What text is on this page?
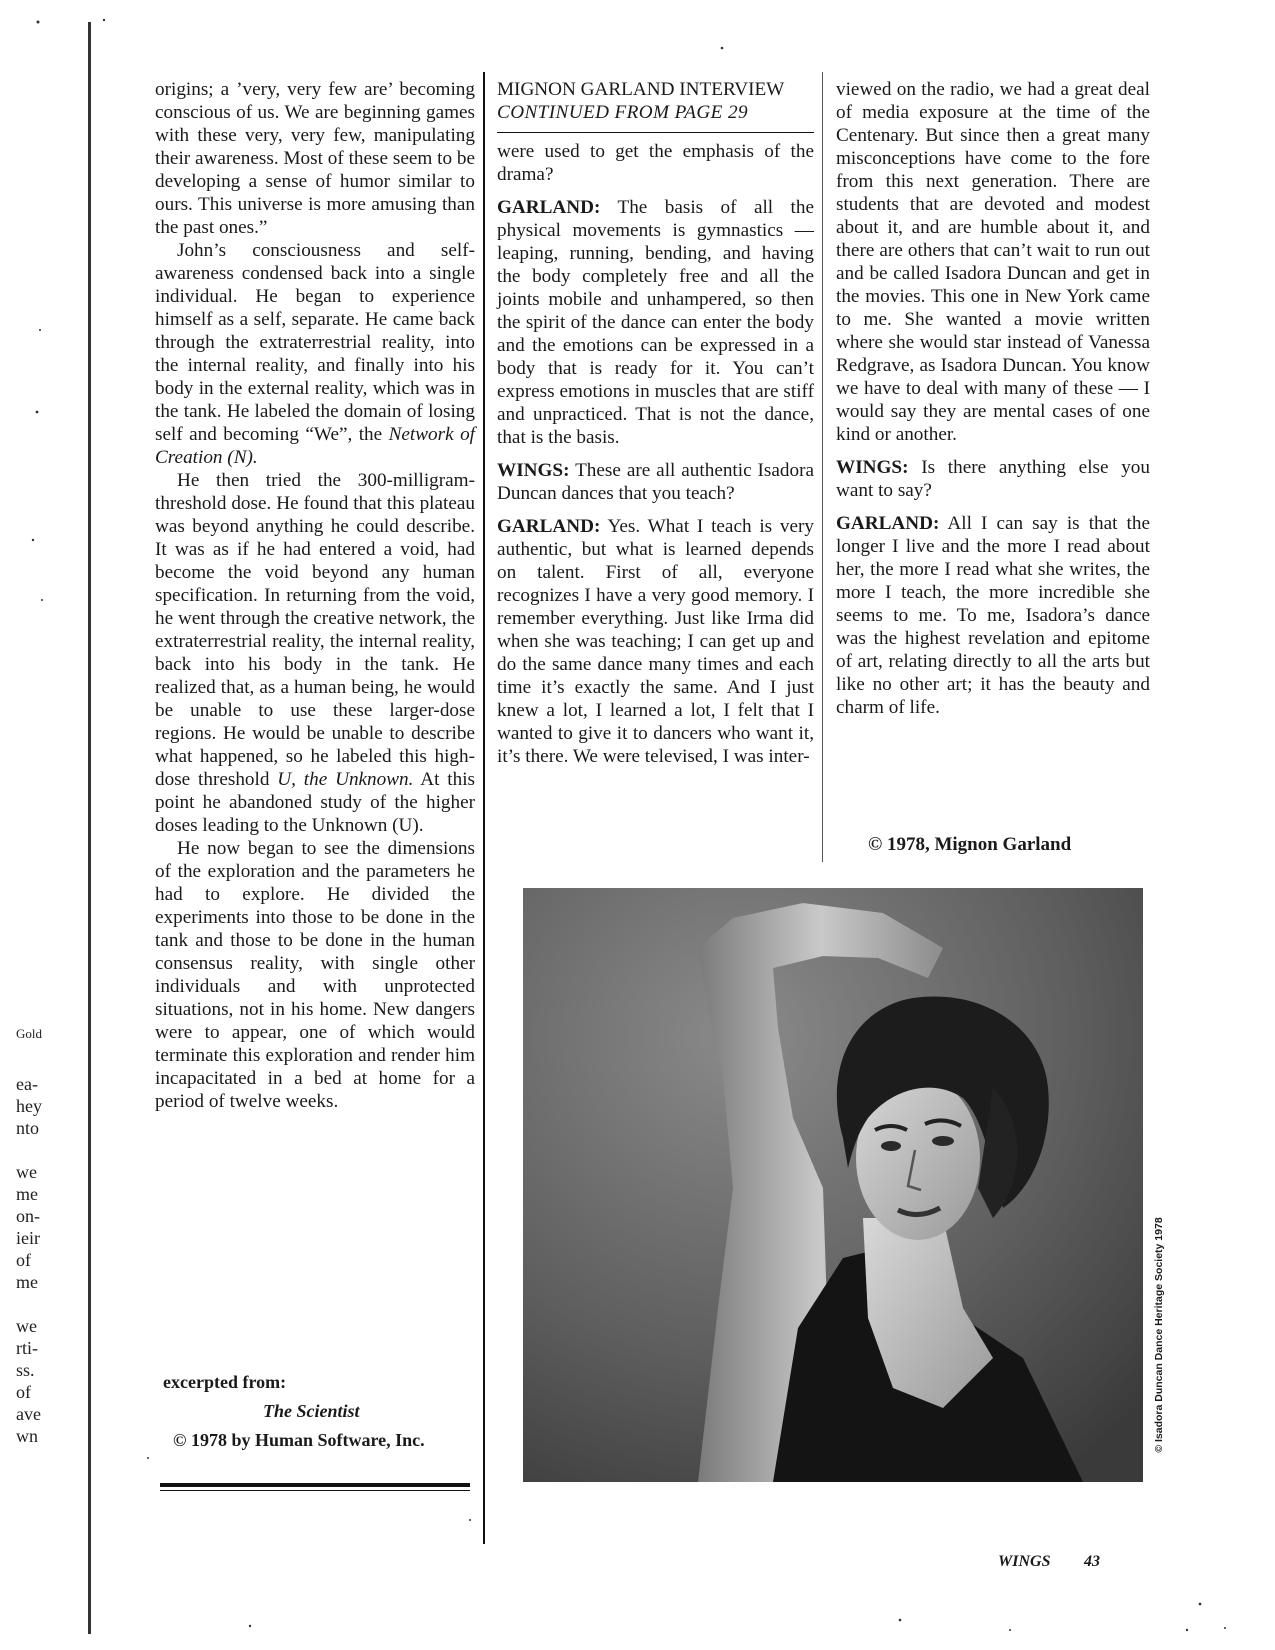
Gold
ea-
hey
nto
we
me
on-
ieir
of
me
we
rti-
ss.
of
ave
wn

origins; a ’very, very few are’ becoming conscious of us. We are beginning games with these very, very few, manipulating their awareness. Most of these seem to be developing a sense of humor similar to ours. This universe is more amusing than the past ones.”

John’s consciousness and self-awareness condensed back into a single individual. He began to experience himself as a self, separate. He came back through the extraterrestrial reality, into the internal reality, and finally into his body in the external reality, which was in the tank. He labeled the domain of losing self and becoming “We”, the Network of Creation (N).

He then tried the 300-milligram-threshold dose. He found that this plateau was beyond anything he could describe. It was as if he had entered a void, had become the void beyond any human specification. In returning from the void, he went through the creative network, the extraterrestrial reality, the internal reality, back into his body in the tank. He realized that, as a human being, he would be unable to use these larger-dose regions. He would be unable to describe what happened, so he labeled this high-dose threshold U, the Unknown. At this point he abandoned study of the higher doses leading to the Unknown (U).

He now began to see the dimensions of the exploration and the parameters he had to explore. He divided the experiments into those to be done in the tank and those to be done in the human consensus reality, with single other individuals and with unprotected situations, not in his home. New dangers were to appear, one of which would terminate this exploration and render him incapacitated in a bed at home for a period of twelve weeks.

excerpted from:
The Scientist
© 1978 by Human Software, Inc.
MIGNON GARLAND INTERVIEW
CONTINUED FROM PAGE 29

were used to get the emphasis of the drama?

GARLAND: The basis of all the physical movements is gymnastics — leaping, running, bending, and having the body completely free and all the joints mobile and unhampered, so then the spirit of the dance can enter the body and the emotions can be expressed in a body that is ready for it. You can’t express emotions in muscles that are stiff and unpracticed. That is not the dance, that is the basis.

WINGS: These are all authentic Isadora Duncan dances that you teach?

GARLAND: Yes. What I teach is very authentic, but what is learned depends on talent. First of all, everyone recognizes I have a very good memory. I remember everything. Just like Irma did when she was teaching; I can get up and do the same dance many times and each time it’s exactly the same. And I just knew a lot, I learned a lot, I felt that I wanted to give it to dancers who want it, it’s there. We were televised, I was inter-

viewed on the radio, we had a great deal of media exposure at the time of the Centenary. But since then a great many misconceptions have come to the fore from this next generation. There are students that are devoted and modest about it, and are humble about it, and there are others that can’t wait to run out and be called Isadora Duncan and get in the movies. This one in New York came to me. She wanted a movie written where she would star instead of Vanessa Redgrave, as Isadora Duncan. You know we have to deal with many of these — I would say they are mental cases of one kind or another.

WINGS: Is there anything else you want to say?

GARLAND: All I can say is that the longer I live and the more I read about her, the more I read what she writes, the more I teach, the more incredible she seems to me. To me, Isadora’s dance was the highest revelation and epitome of art, relating directly to all the arts but like no other art; it has the beauty and charm of life.

© 1978, Mignon Garland
© Isadora Duncan Dance Heritage Society 1978
WINGS 43
